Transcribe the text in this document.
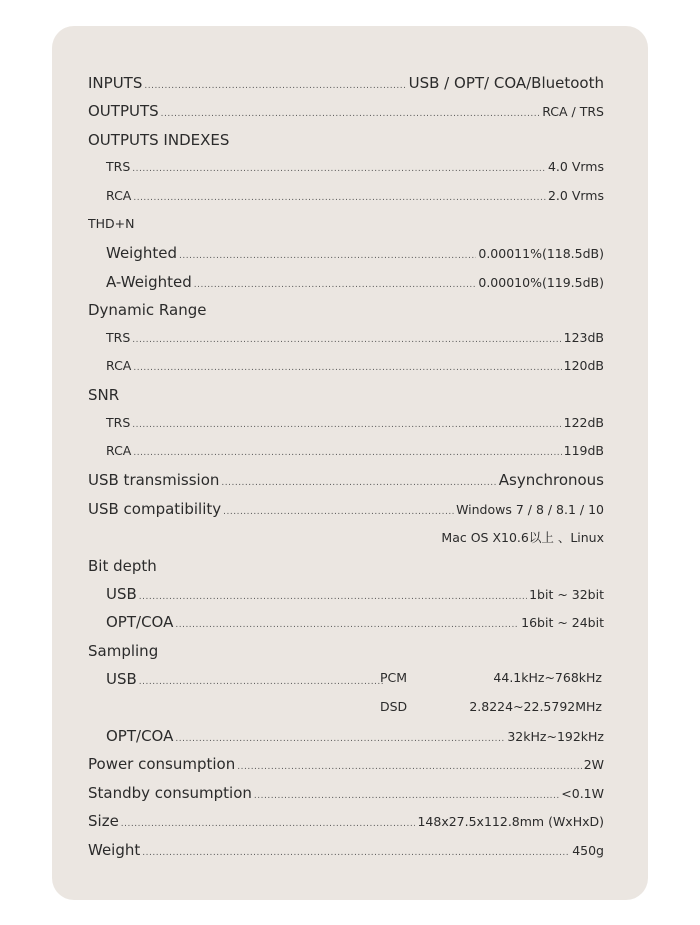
INPUTS .....	USB / OPT/ COA/Bluetooth
OUTPUTS .....	RCA / TRS
OUTPUTS INDEXES
TRS .....	4.0 Vrms
RCA .....	2.0 Vrms
THD+N
Weighted .....	0.00011%(118.5dB)
A-Weighted .....	0.00010%(119.5dB)
Dynamic Range
TRS .....	123dB
RCA .....	120dB
SNR
TRS .....	122dB
RCA .....	119dB
USB transmission .....	Asynchronous
USB compatibility .....	Windows 7 / 8 / 8.1 / 10
Mac OS X10.6以上 、Linux
Bit depth
USB .....	1bit ~ 32bit
OPT/COA .....	16bit ~ 24bit
Sampling
USB .....	PCM	44.1kHz~768kHz
DSD	2.8224~22.5792MHz
OPT/COA .....	32kHz~192kHz
Power consumption .....	2W
Standby consumption .....	<0.1W
Size .....	148x27.5x112.8mm (WxHxD)
Weight .....	450g
